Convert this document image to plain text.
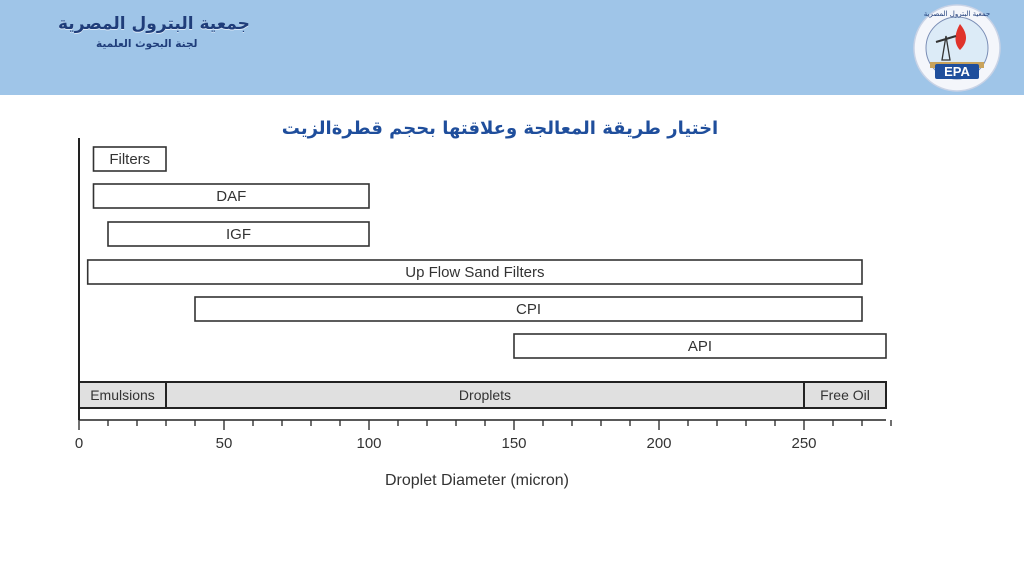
جمعية البترول المصرية
لجنة البحوث العلمية
EPA
جمعية البترول المصرية
اختيار طريقة المعالجة وعلاقتها بحجم قطرةالزيت
Filters
DAF
IGF
Up Flow Sand Filters
CPI
API
Emulsions	Droplets	Free Oil
0	50	100	150	200	250
Droplet Diameter (micron)
